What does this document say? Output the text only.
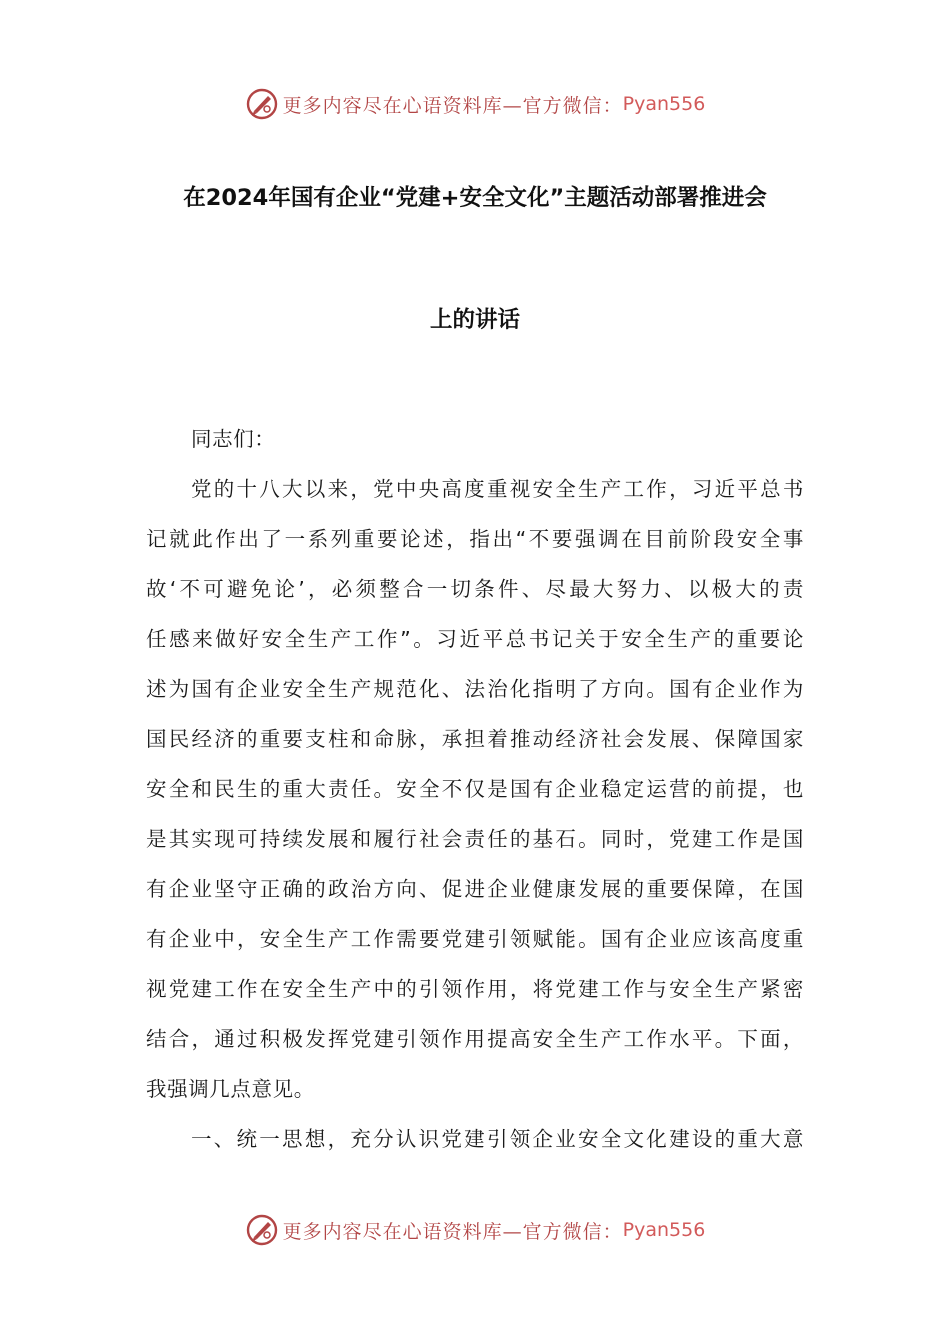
更多内容尽在心语资料库—官方微信： Pyan556
在2024年国有企业“党建+安全文化”主题活动部署推进会
上的讲话
同志们：
党的十八大以来，党中央高度重视安全生产工作，习近平总书
记就此作出了一系列重要论述，指出“不要强调在目前阶段安全事
故‘不可避免论’，必须整合一切条件、尽最大努力、以极大的责
任感来做好安全生产工作”。习近平总书记关于安全生产的重要论
述为国有企业安全生产规范化、法治化指明了方向。国有企业作为
国民经济的重要支柱和命脉，承担着推动经济社会发展、保障国家
安全和民生的重大责任。安全不仅是国有企业稳定运营的前提，也
是其实现可持续发展和履行社会责任的基石。同时，党建工作是国
有企业坚守正确的政治方向、促进企业健康发展的重要保障，在国
有企业中，安全生产工作需要党建引领赋能。国有企业应该高度重
视党建工作在安全生产中的引领作用，将党建工作与安全生产紧密
结合，通过积极发挥党建引领作用提高安全生产工作水平。下面，
我强调几点意见。
一、统一思想，充分认识党建引领企业安全文化建设的重大意
更多内容尽在心语资料库—官方微信： Pyan556
